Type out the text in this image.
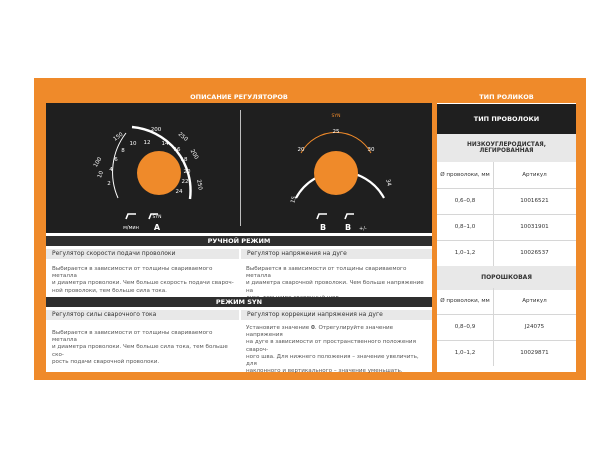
ОПИСАНИЕ РЕГУЛЯТОРОВ
10
2
4
6
8
10 12 14
16
18
20
22
24
100
150
200
250
200
250
м/мин
SYN
A
SYN
25
20	30
15
34
B B +/-
РУЧНОЙ РЕЖИМ
Регулятор скорости подачи проволоки	Регулятор напряжения на дуге
Выбирается в зависимости от толщины свариваемого металла
и диаметра проволоки. Чем больше скорость подачи свароч-
ной проволоки, тем больше сила тока.
Выбирается в зависимости от толщины свариваемого металла
и диаметра сварочной проволоки. Чем больше напряжение на
РЕЖИМ SYN
Регулятор силы сварочного тока	Регулятор коррекции напряжения на дуге
Выбирается в зависимости от толщины свариваемого металла
и диаметра проволоки. Чем больше сила тока, тем больше ско-
рость подачи сварочной проволоки.
Установите значение 0. Отрегулируйте значение напряжения
на дуге в зависимости от пространственного положения свароч-
ного шва. Для нижнего положения – значение увеличить, для
наклонного и вертикального – значение уменьшать.
ТИП РОЛИКОВ
ТИП ПРОВОЛОКИ
НИЗКОУГЛЕРОДИСТАЯ, ЛЕГИРОВАННАЯ
Ø проволоки, мм	Артикул
0,6–0,8	10016521
0,8–1,0	10031901
1,0–1,2	10026537
ПОРОШКОВАЯ
Ø проволоки, мм	Артикул
0,8–0,9	J24075
1,0–1,2	10029871
